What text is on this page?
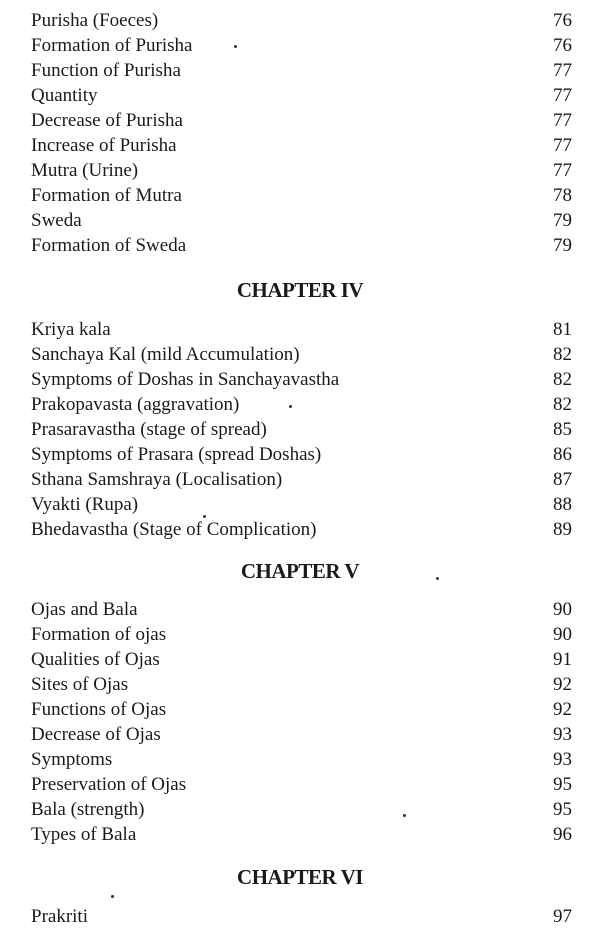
Purisha (Foeces)	76
Formation of Purisha	76
Function of Purisha	77
Quantity	77
Decrease of Purisha	77
Increase of Purisha	77
Mutra (Urine)	77
Formation of Mutra	78
Sweda	79
Formation of Sweda	79
CHAPTER IV
Kriya kala	81
Sanchaya Kal (mild Accumulation)	82
Symptoms of Doshas in Sanchayavastha	82
Prakopavasta (aggravation)	82
Prasaravastha (stage of spread)	85
Symptoms of Prasara (spread Doshas)	86
Sthana Samshraya (Localisation)	87
Vyakti (Rupa)	88
Bhedavastha (Stage of Complication)	89
CHAPTER V
Ojas and Bala	90
Formation of ojas	90
Qualities of Ojas	91
Sites of Ojas	92
Functions of Ojas	92
Decrease of Ojas	93
Symptoms	93
Preservation of Ojas	95
Bala (strength)	95
Types of Bala	96
CHAPTER VI
Prakriti	97
